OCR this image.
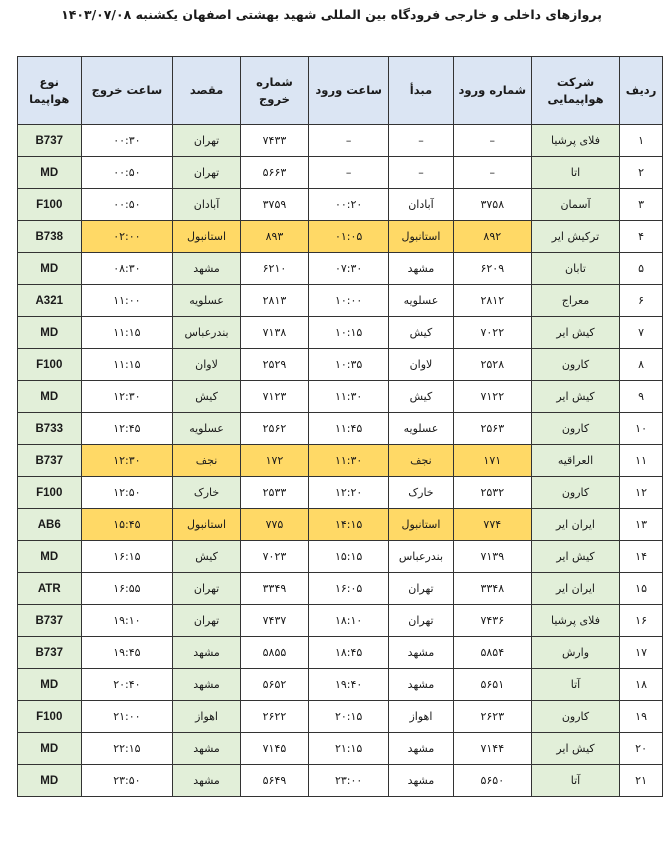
پروازهای داخلی و خارجی فرودگاه بین المللی شهید بهشتی اصفهان یکشنبه ۱۴۰۳/۰۷/۰۸
نوع هواپیما	ساعت خروج	مقصد	شماره خروج	ساعت ورود	مبدأ	شماره ورود	شرکت هواپیمایی	ردیف
B737	۰۰:۳۰	تهران	۷۴۳۳	–	–	–	فلای پرشیا	۱
MD	۰۰:۵۰	تهران	۵۶۶۳	–	–	–	اتا	۲
F100	۰۰:۵۰	آبادان	۳۷۵۹	۰۰:۲۰	آبادان	۳۷۵۸	آسمان	۳
B738	۰۲:۰۰	استانبول	۸۹۳	۰۱:۰۵	استانبول	۸۹۲	ترکیش ایر	۴
MD	۰۸:۳۰	مشهد	۶۲۱۰	۰۷:۳۰	مشهد	۶۲۰۹	تابان	۵
A321	۱۱:۰۰	عسلویه	۲۸۱۳	۱۰:۰۰	عسلویه	۲۸۱۲	معراج	۶
MD	۱۱:۱۵	بندرعباس	۷۱۳۸	۱۰:۱۵	کیش	۷۰۲۲	کیش ایر	۷
F100	۱۱:۱۵	لاوان	۲۵۲۹	۱۰:۳۵	لاوان	۲۵۲۸	کارون	۸
MD	۱۲:۳۰	کیش	۷۱۲۳	۱۱:۳۰	کیش	۷۱۲۲	کیش ایر	۹
B733	۱۲:۴۵	عسلویه	۲۵۶۲	۱۱:۴۵	عسلویه	۲۵۶۳	کارون	۱۰
B737	۱۲:۳۰	نجف	۱۷۲	۱۱:۳۰	نجف	۱۷۱	العراقیه	۱۱
F100	۱۲:۵۰	خارک	۲۵۳۳	۱۲:۲۰	خارک	۲۵۳۲	کارون	۱۲
AB6	۱۵:۴۵	استانبول	۷۷۵	۱۴:۱۵	استانبول	۷۷۴	ایران ایر	۱۳
MD	۱۶:۱۵	کیش	۷۰۲۳	۱۵:۱۵	بندرعباس	۷۱۳۹	کیش ایر	۱۴
ATR	۱۶:۵۵	تهران	۳۳۴۹	۱۶:۰۵	تهران	۳۳۴۸	ایران ایر	۱۵
B737	۱۹:۱۰	تهران	۷۴۳۷	۱۸:۱۰	تهران	۷۴۳۶	فلای پرشیا	۱۶
B737	۱۹:۴۵	مشهد	۵۸۵۵	۱۸:۴۵	مشهد	۵۸۵۴	وارش	۱۷
MD	۲۰:۴۰	مشهد	۵۶۵۲	۱۹:۴۰	مشهد	۵۶۵۱	آتا	۱۸
F100	۲۱:۰۰	اهواز	۲۶۲۲	۲۰:۱۵	اهواز	۲۶۲۳	کارون	۱۹
MD	۲۲:۱۵	مشهد	۷۱۴۵	۲۱:۱۵	مشهد	۷۱۴۴	کیش ایر	۲۰
MD	۲۳:۵۰	مشهد	۵۶۴۹	۲۳:۰۰	مشهد	۵۶۵۰	آتا	۲۱
